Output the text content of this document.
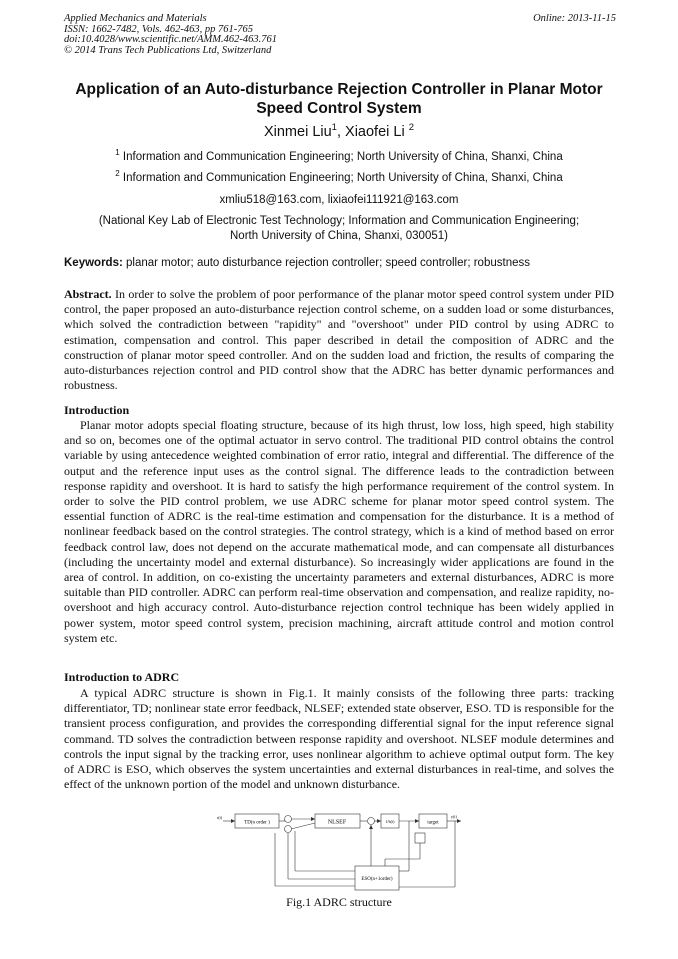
Applied Mechanics and Materials
ISSN: 1662-7482, Vols. 462-463, pp 761-765
doi:10.4028/www.scientific.net/AMM.462-463.761
© 2014 Trans Tech Publications Ltd, Switzerland
Online: 2013-11-15
Application of an Auto-disturbance Rejection Controller in Planar Motor Speed Control System
Xinmei Liu$^1$, Xiaofei Li $^2$
$^1$ Information and Communication Engineering; North University of China, Shanxi, China
$^2$ Information and Communication Engineering; North University of China, Shanxi, China
xmliu518@163.com, lixiaofei111921@163.com
(National Key Lab of Electronic Test Technology; Information and Communication Engineering;
North University of China, Shanxi, 030051)
Keywords: planar motor; auto disturbance rejection controller; speed controller; robustness
Abstract. In order to solve the problem of poor performance of the planar motor speed control system under PID control, the paper proposed an auto-disturbance rejection control scheme, on a sudden load or some disturbances, which solved the contradiction between "rapidity" and "overshoot" under PID control by using ADRC to estimation, compensation and control. This paper described in detail the composition of ADRC and the construction of planar motor speed controller. And on the sudden load and friction, the results of comparing the auto-disturbances rejection control and PID control show that the ADRC has better dynamic performances and robustness.
Introduction
Planar motor adopts special floating structure, because of its high thrust, low loss, high speed, high stability and so on, becomes one of the optimal actuator in servo control. The traditional PID control obtains the control variable by using antecedence weighted combination of error ratio, integral and differential. The difference of the output and the reference input uses as the control signal. The difference leads to the contradiction between response rapidity and overshoot. It is hard to satisfy the high performance requirement of the control system. In order to solve the PID control problem, we use ADRC scheme for planar motor speed control system. The essential function of ADRC is the real-time estimation and compensation for the disturbance. It is a method of nonlinear feedback based on the control strategies. The control strategy, which is a kind of method based on error feedback control law, does not depend on the accurate mathematical mode, and can compensate all disturbances (including the uncertainty model and external disturbance). So increasingly wider applications are found in the area of control. In addition, on co-existing the uncertainty parameters and external disturbances, ADRC is more suitable than PID controller. ADRC can perform real-time observation and compensation, and realize rapidity, no-overshoot and high accuracy control. Auto-disturbance rejection control technique has been widely applied in power system, motor speed control system, precision machining, aircraft attitude control and motion control system etc.
Introduction to ADRC
A typical ADRC structure is shown in Fig.1. It mainly consists of the following three parts: tracking differentiator, TD; nonlinear state error feedback, NLSEF; extended state observer, ESO. TD is responsible for the transient process configuration, and provides the corresponding differential signal for the input reference signal command. TD solves the contradiction between response rapidity and overshoot. NLSEF module determines and controls the input signal by the tracking error, uses nonlinear algorithm to achieve optimal output form. The key of ADRC is ESO, which observes the system uncertainties and external disturbances in real-time, and solves the effect of the unknown portion of the model and unknown disturbance.
TD(n order )	NLSEF	1/b(t)	target
ESO(n+1order)
r(t)	y(t)
Fig.1 ADRC structure
